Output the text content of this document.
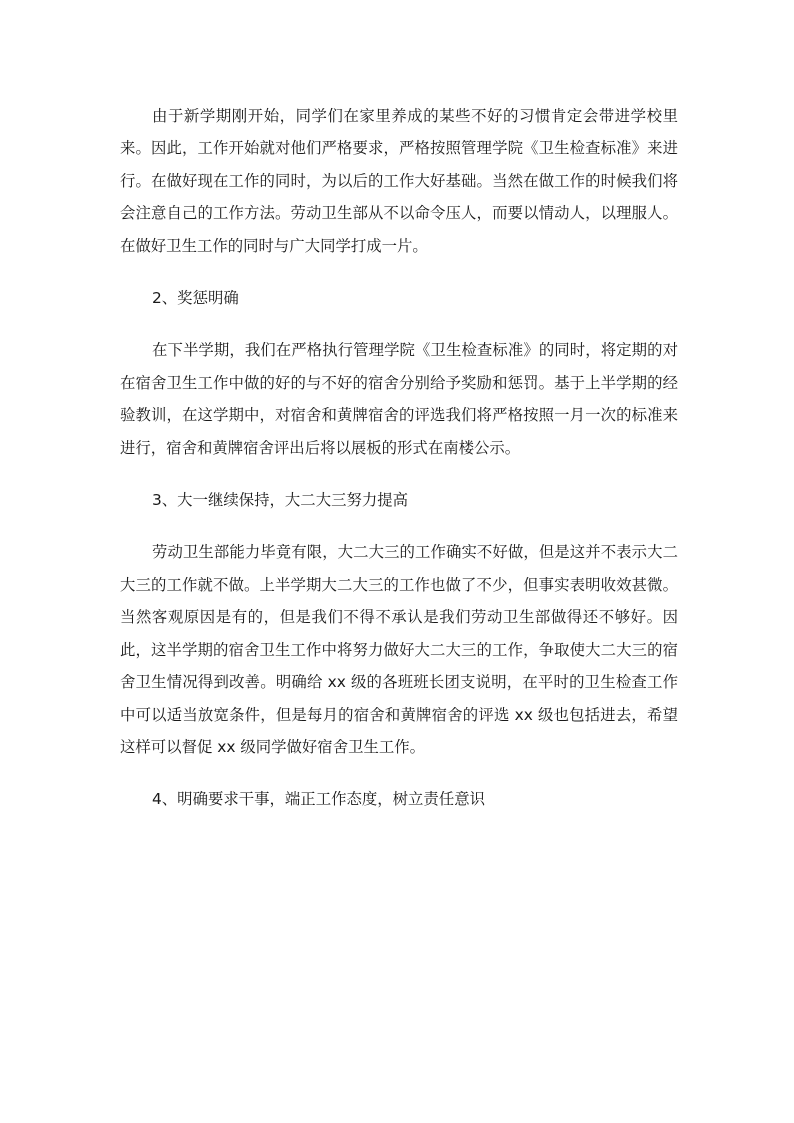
由于新学期刚开始，同学们在家里养成的某些不好的习惯肯定会带进学校里来。因此，工作开始就对他们严格要求，严格按照管理学院《卫生检查标准》来进行。在做好现在工作的同时，为以后的工作大好基础。当然在做工作的时候我们将会注意自己的工作方法。劳动卫生部从不以命令压人，而要以情动人，以理服人。在做好卫生工作的同时与广大同学打成一片。

2、奖惩明确

在下半学期，我们在严格执行管理学院《卫生检查标准》的同时，将定期的对在宿舍卫生工作中做的好的与不好的宿舍分别给予奖励和惩罚。基于上半学期的经验教训，在这学期中，对宿舍和黄牌宿舍的评选我们将严格按照一月一次的标准来进行，宿舍和黄牌宿舍评出后将以展板的形式在南楼公示。

3、大一继续保持，大二大三努力提高

劳动卫生部能力毕竟有限，大二大三的工作确实不好做，但是这并不表示大二大三的工作就不做。上半学期大二大三的工作也做了不少，但事实表明收效甚微。当然客观原因是有的，但是我们不得不承认是我们劳动卫生部做得还不够好。因此，这半学期的宿舍卫生工作中将努力做好大二大三的工作，争取使大二大三的宿舍卫生情况得到改善。明确给 xx 级的各班班长团支说明，在平时的卫生检查工作中可以适当放宽条件，但是每月的宿舍和黄牌宿舍的评选 xx 级也包括进去，希望这样可以督促 xx 级同学做好宿舍卫生工作。

4、明确要求干事，端正工作态度，树立责任意识
